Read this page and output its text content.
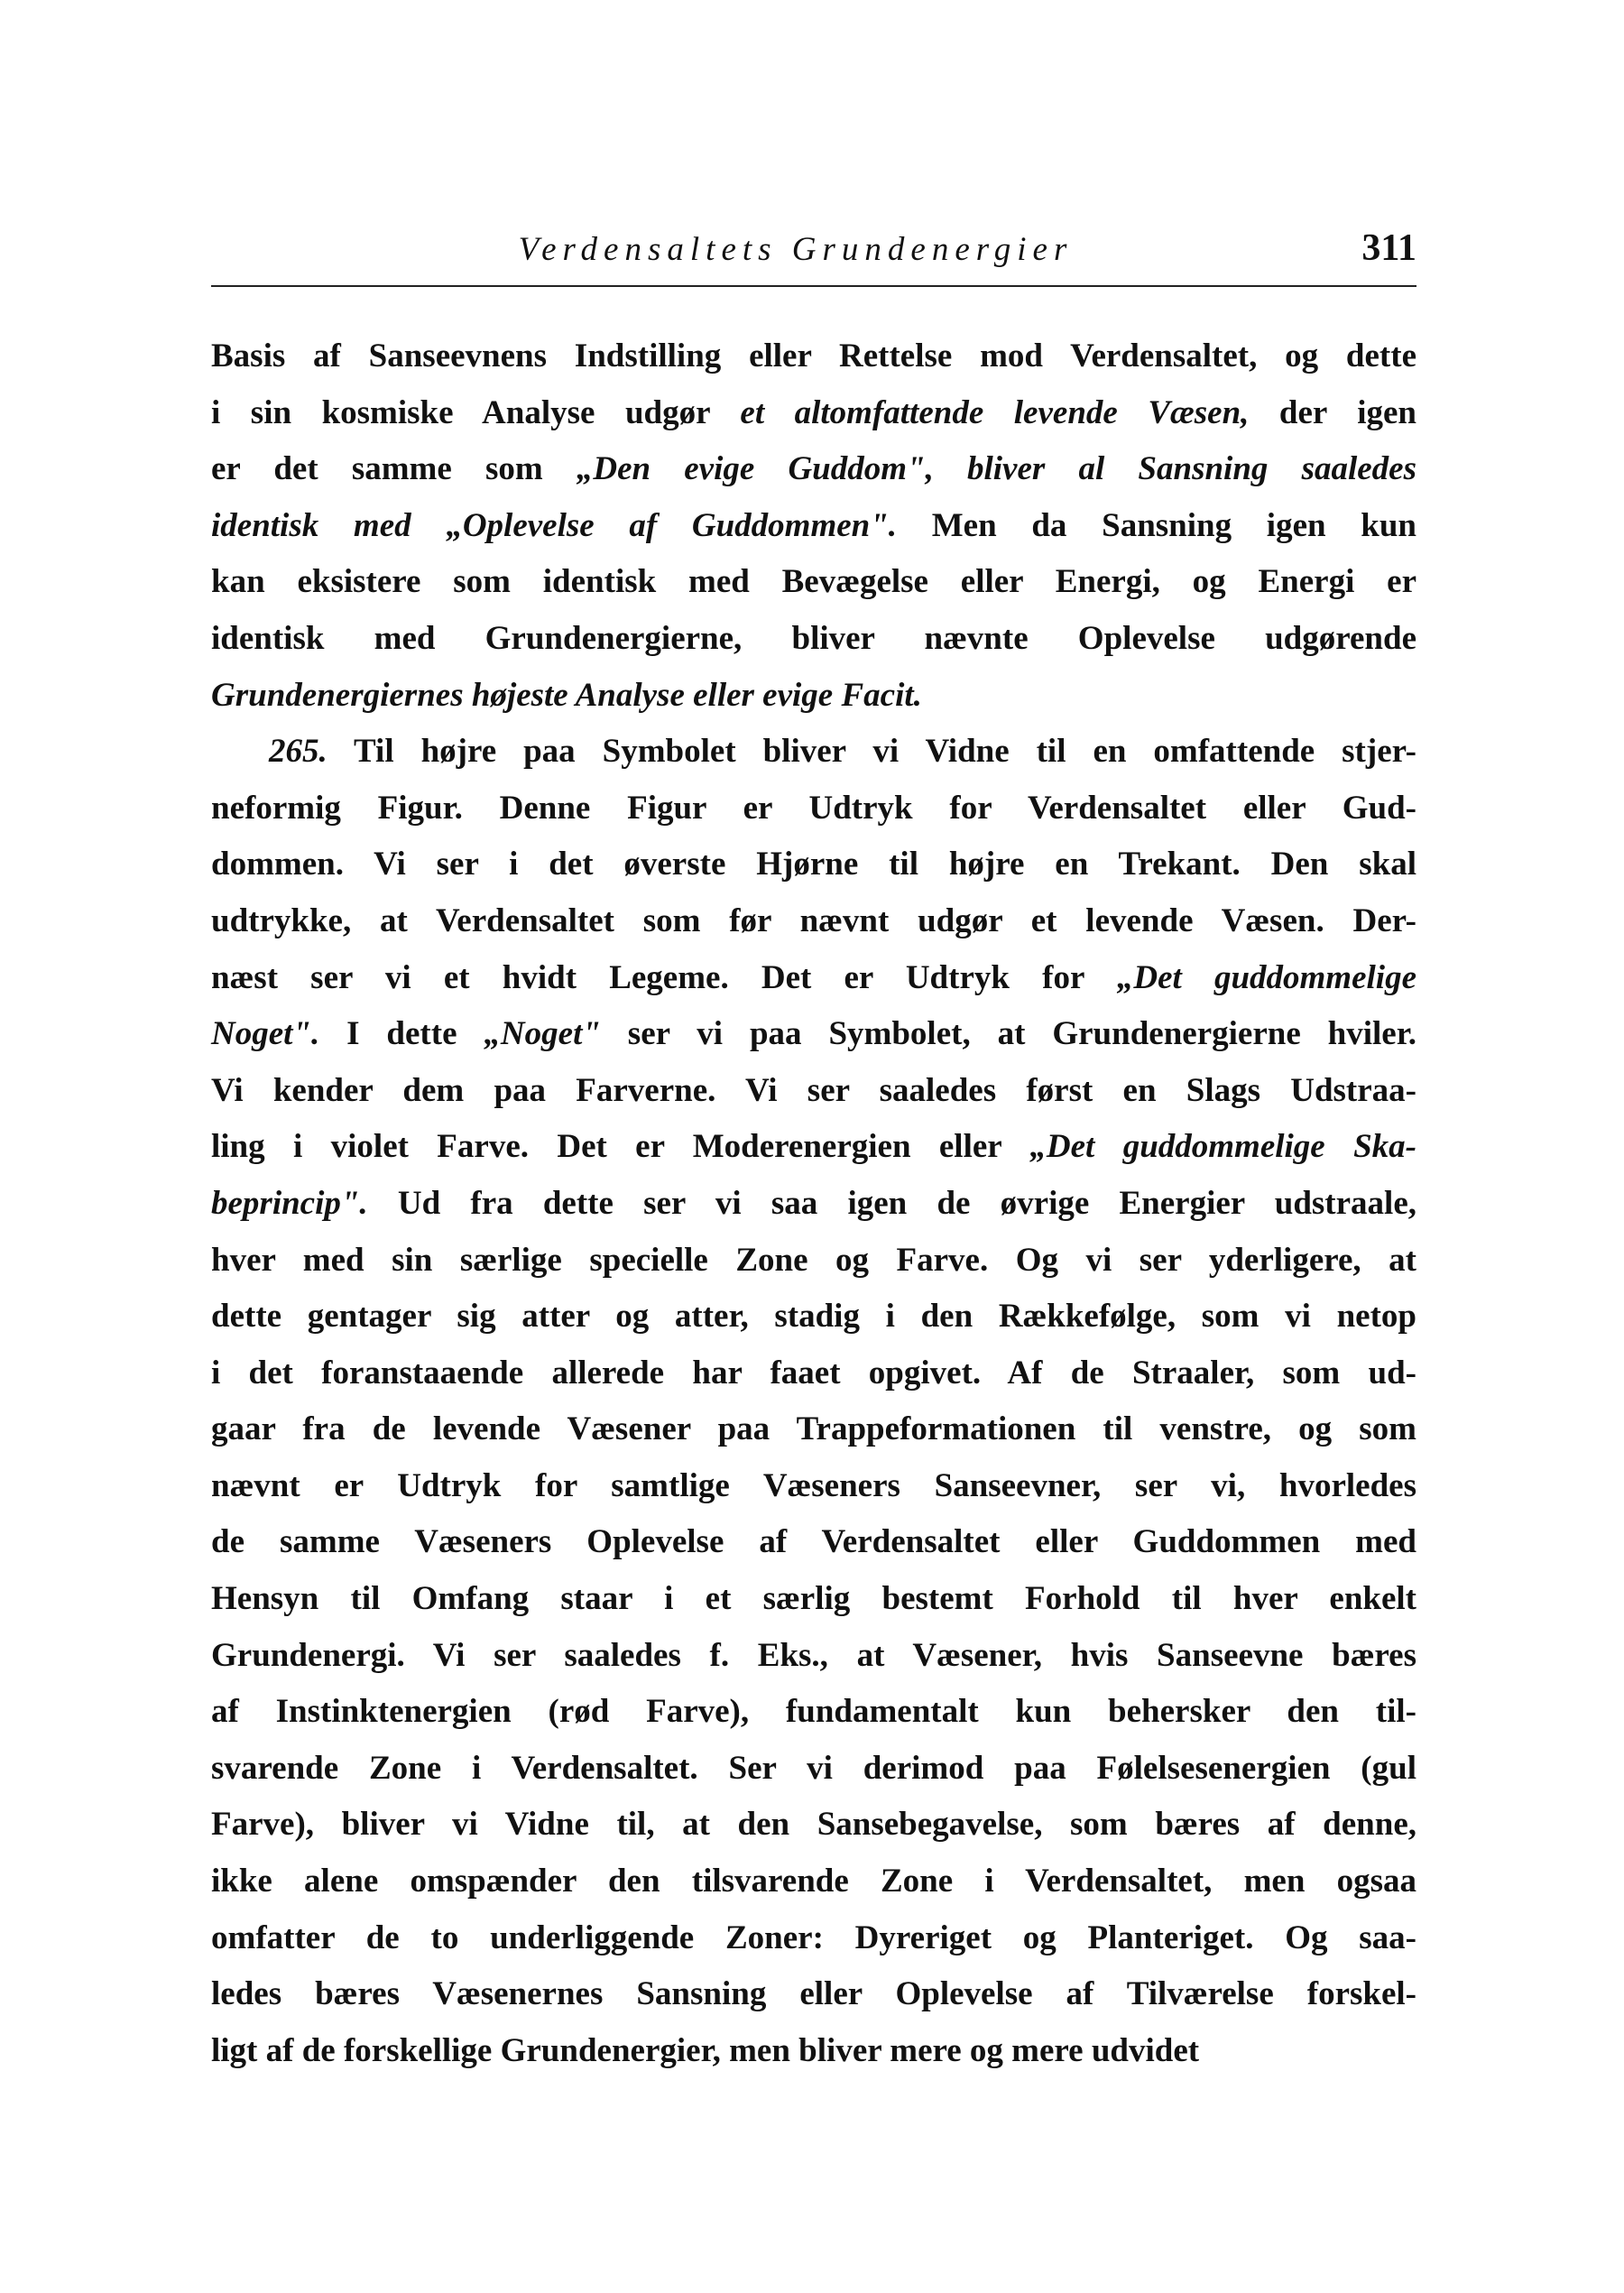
Verdensaltets Grundenergier	311
Basis af Sanseevnens Indstilling eller Rettelse mod Verdensaltet, og dette
i sin kosmiske Analyse udgør et altomfattende levende Væsen, der igen
er det samme som „Den evige Guddom", bliver al Sansning saaledes
identisk med „Oplevelse af Guddommen". Men da Sansning igen kun
kan eksistere som identisk med Bevægelse eller Energi, og Energi er
identisk med Grundenergierne, bliver nævnte Oplevelse udgørende
Grundenergiernes højeste Analyse eller evige Facit.
265. Til højre paa Symbolet bliver vi Vidne til en omfattende stjer-
neformig Figur. Denne Figur er Udtryk for Verdensaltet eller Gud-
dommen. Vi ser i det øverste Hjørne til højre en Trekant. Den skal
udtrykke, at Verdensaltet som før nævnt udgør et levende Væsen. Der-
næst ser vi et hvidt Legeme. Det er Udtryk for „Det guddommelige
Noget". I dette „Noget" ser vi paa Symbolet, at Grundenergierne hviler.
Vi kender dem paa Farverne. Vi ser saaledes først en Slags Udstraa-
ling i violet Farve. Det er Moderenergien eller „Det guddommelige Ska-
beprincip". Ud fra dette ser vi saa igen de øvrige Energier udstraale,
hver med sin særlige specielle Zone og Farve. Og vi ser yderligere, at
dette gentager sig atter og atter, stadig i den Rækkefølge, som vi netop
i det foranstaaende allerede har faaet opgivet. Af de Straaler, som ud-
gaar fra de levende Væsener paa Trappeformationen til venstre, og som
nævnt er Udtryk for samtlige Væseners Sanseevner, ser vi, hvorledes
de samme Væseners Oplevelse af Verdensaltet eller Guddommen med
Hensyn til Omfang staar i et særlig bestemt Forhold til hver enkelt
Grundenergi. Vi ser saaledes f. Eks., at Væsener, hvis Sanseevne bæres
af Instinktenergien (rød Farve), fundamentalt kun behersker den til-
svarende Zone i Verdensaltet. Ser vi derimod paa Følelsesenergien (gul
Farve), bliver vi Vidne til, at den Sansebegavelse, som bæres af denne,
ikke alene omspænder den tilsvarende Zone i Verdensaltet, men ogsaa
omfatter de to underliggende Zoner: Dyreriget og Planteriget. Og saa-
ledes bæres Væsenernes Sansning eller Oplevelse af Tilværelse forskel-
ligt af de forskellige Grundenergier, men bliver mere og mere udvidet
